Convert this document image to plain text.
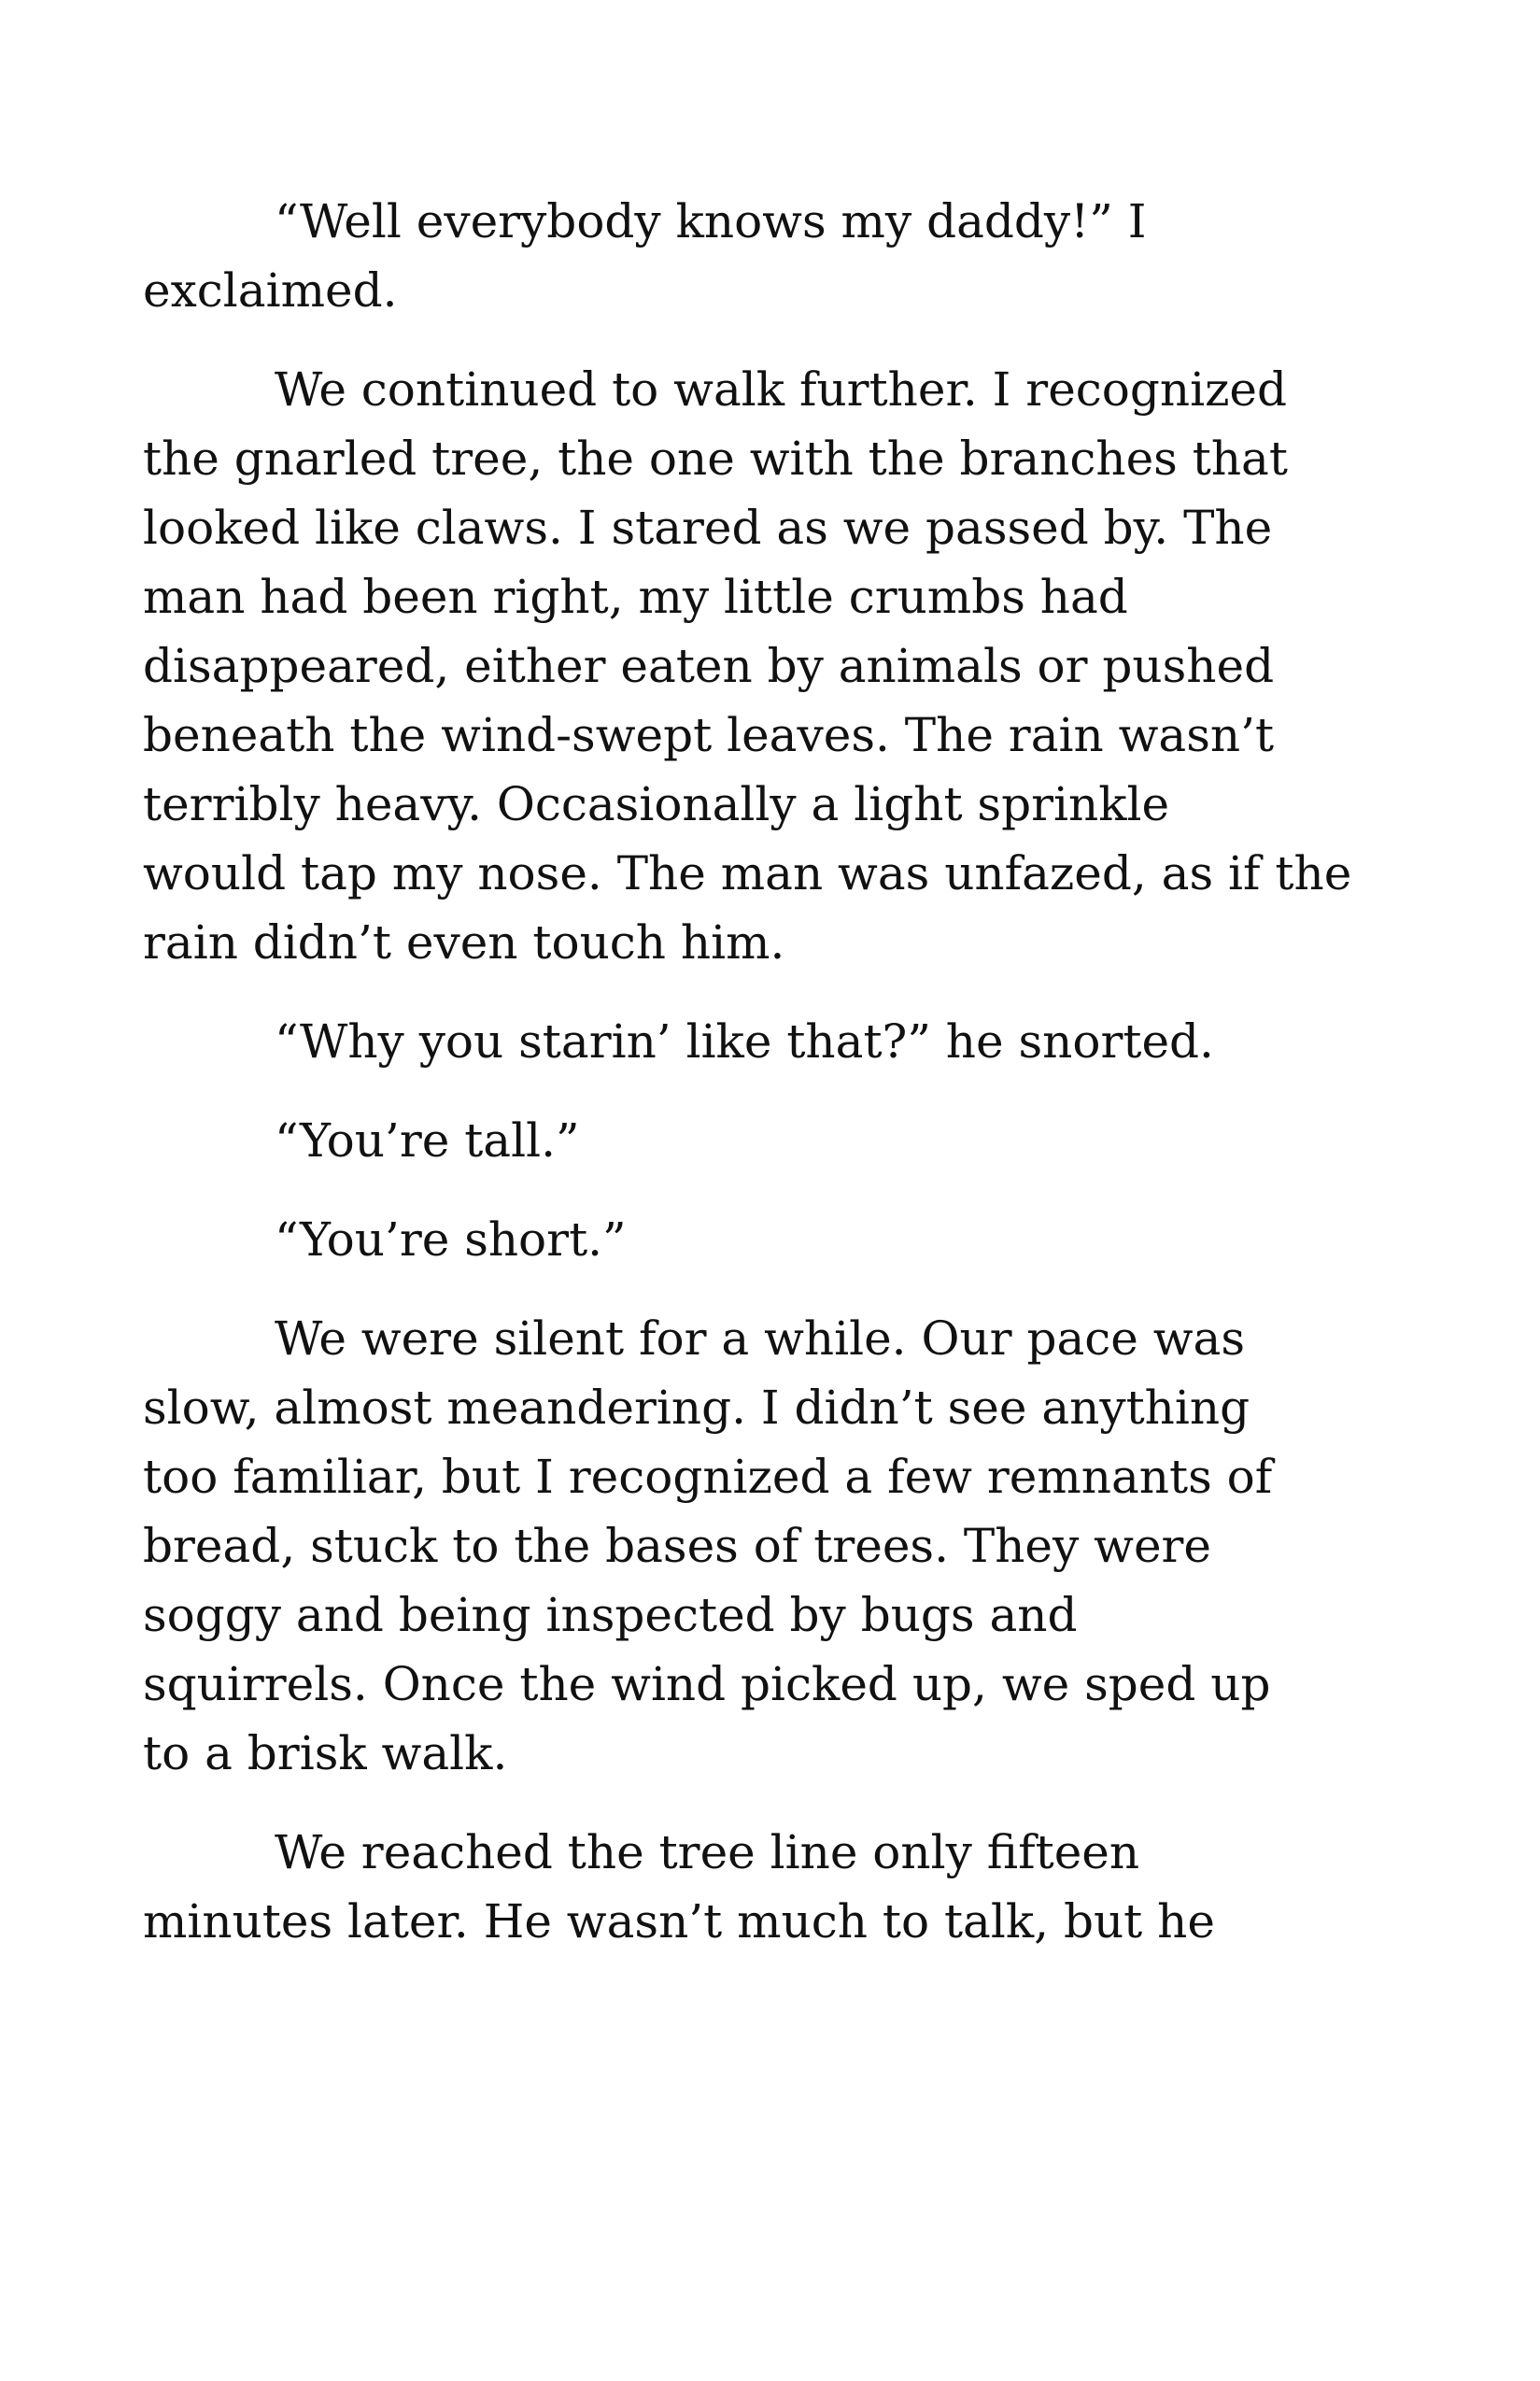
“Well everybody knows my daddy!” I
exclaimed.

We continued to walk further. I recognized
the gnarled tree, the one with the branches that
looked like claws. I stared as we passed by. The
man had been right, my little crumbs had
disappeared, either eaten by animals or pushed
beneath the wind-swept leaves. The rain wasn’t
terribly heavy. Occasionally a light sprinkle
would tap my nose. The man was unfazed, as if the
rain didn’t even touch him.

“Why you starin’ like that?” he snorted.

“You’re tall.”

“You’re short.”

We were silent for a while. Our pace was
slow, almost meandering. I didn’t see anything
too familiar, but I recognized a few remnants of
bread, stuck to the bases of trees. They were
soggy and being inspected by bugs and
squirrels. Once the wind picked up, we sped up
to a brisk walk.

We reached the tree line only fifteen
minutes later. He wasn’t much to talk, but he
